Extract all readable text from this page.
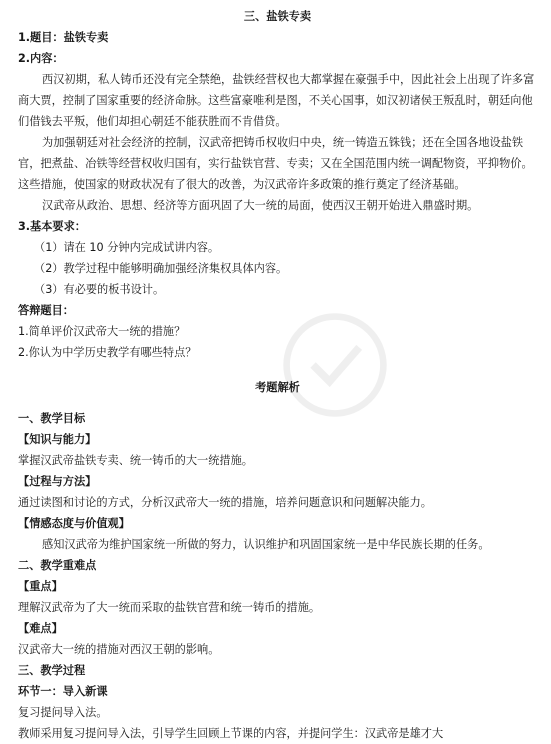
三、盐铁专卖
1.题目：盐铁专卖
2.内容：

西汉初期，私人铸币还没有完全禁绝，盐铁经营权也大都掌握在豪强手中，因此社会上出现了许多富商大贾，控制了国家重要的经济命脉。这些富豪唯利是图，不关心国事，如汉初诸侯王叛乱时，朝廷向他们借钱去平叛，他们却担心朝廷不能获胜而不肯借贷。

为加强朝廷对社会经济的控制，汉武帝把铸币权收归中央，统一铸造五铢钱；还在全国各地设盐铁官，把煮盐、冶铁等经营权收归国有，实行盐铁官营、专卖；又在全国范围内统一调配物资，平抑物价。这些措施，使国家的财政状况有了很大的改善，为汉武帝许多政策的推行奠定了经济基础。

汉武帝从政治、思想、经济等方面巩固了大一统的局面，使西汉王朝开始进入鼎盛时期。

3.基本要求：
（1）请在 10 分钟内完成试讲内容。
（2）教学过程中能够明确加强经济集权具体内容。
（3）有必要的板书设计。
答辩题目：
1.简单评价汉武帝大一统的措施？
2.你认为中学历史教学有哪些特点？
考题解析
一、教学目标
【知识与能力】
掌握汉武帝盐铁专卖、统一铸币的大一统措施。
【过程与方法】
通过读图和讨论的方式，分析汉武帝大一统的措施，培养问题意识和问题解决能力。
【情感态度与价值观】

感知汉武帝为维护国家统一所做的努力，认识维护和巩固国家统一是中华民族长期的任务。

二、教学重难点
【重点】
理解汉武帝为了大一统而采取的盐铁官营和统一铸币的措施。
【难点】
汉武帝大一统的措施对西汉王朝的影响。
三、教学过程
环节一：导入新课
复习提问导入法。
教师采用复习提问导入法，引导学生回顾上节课的内容，并提问学生：汉武帝是雄才大
